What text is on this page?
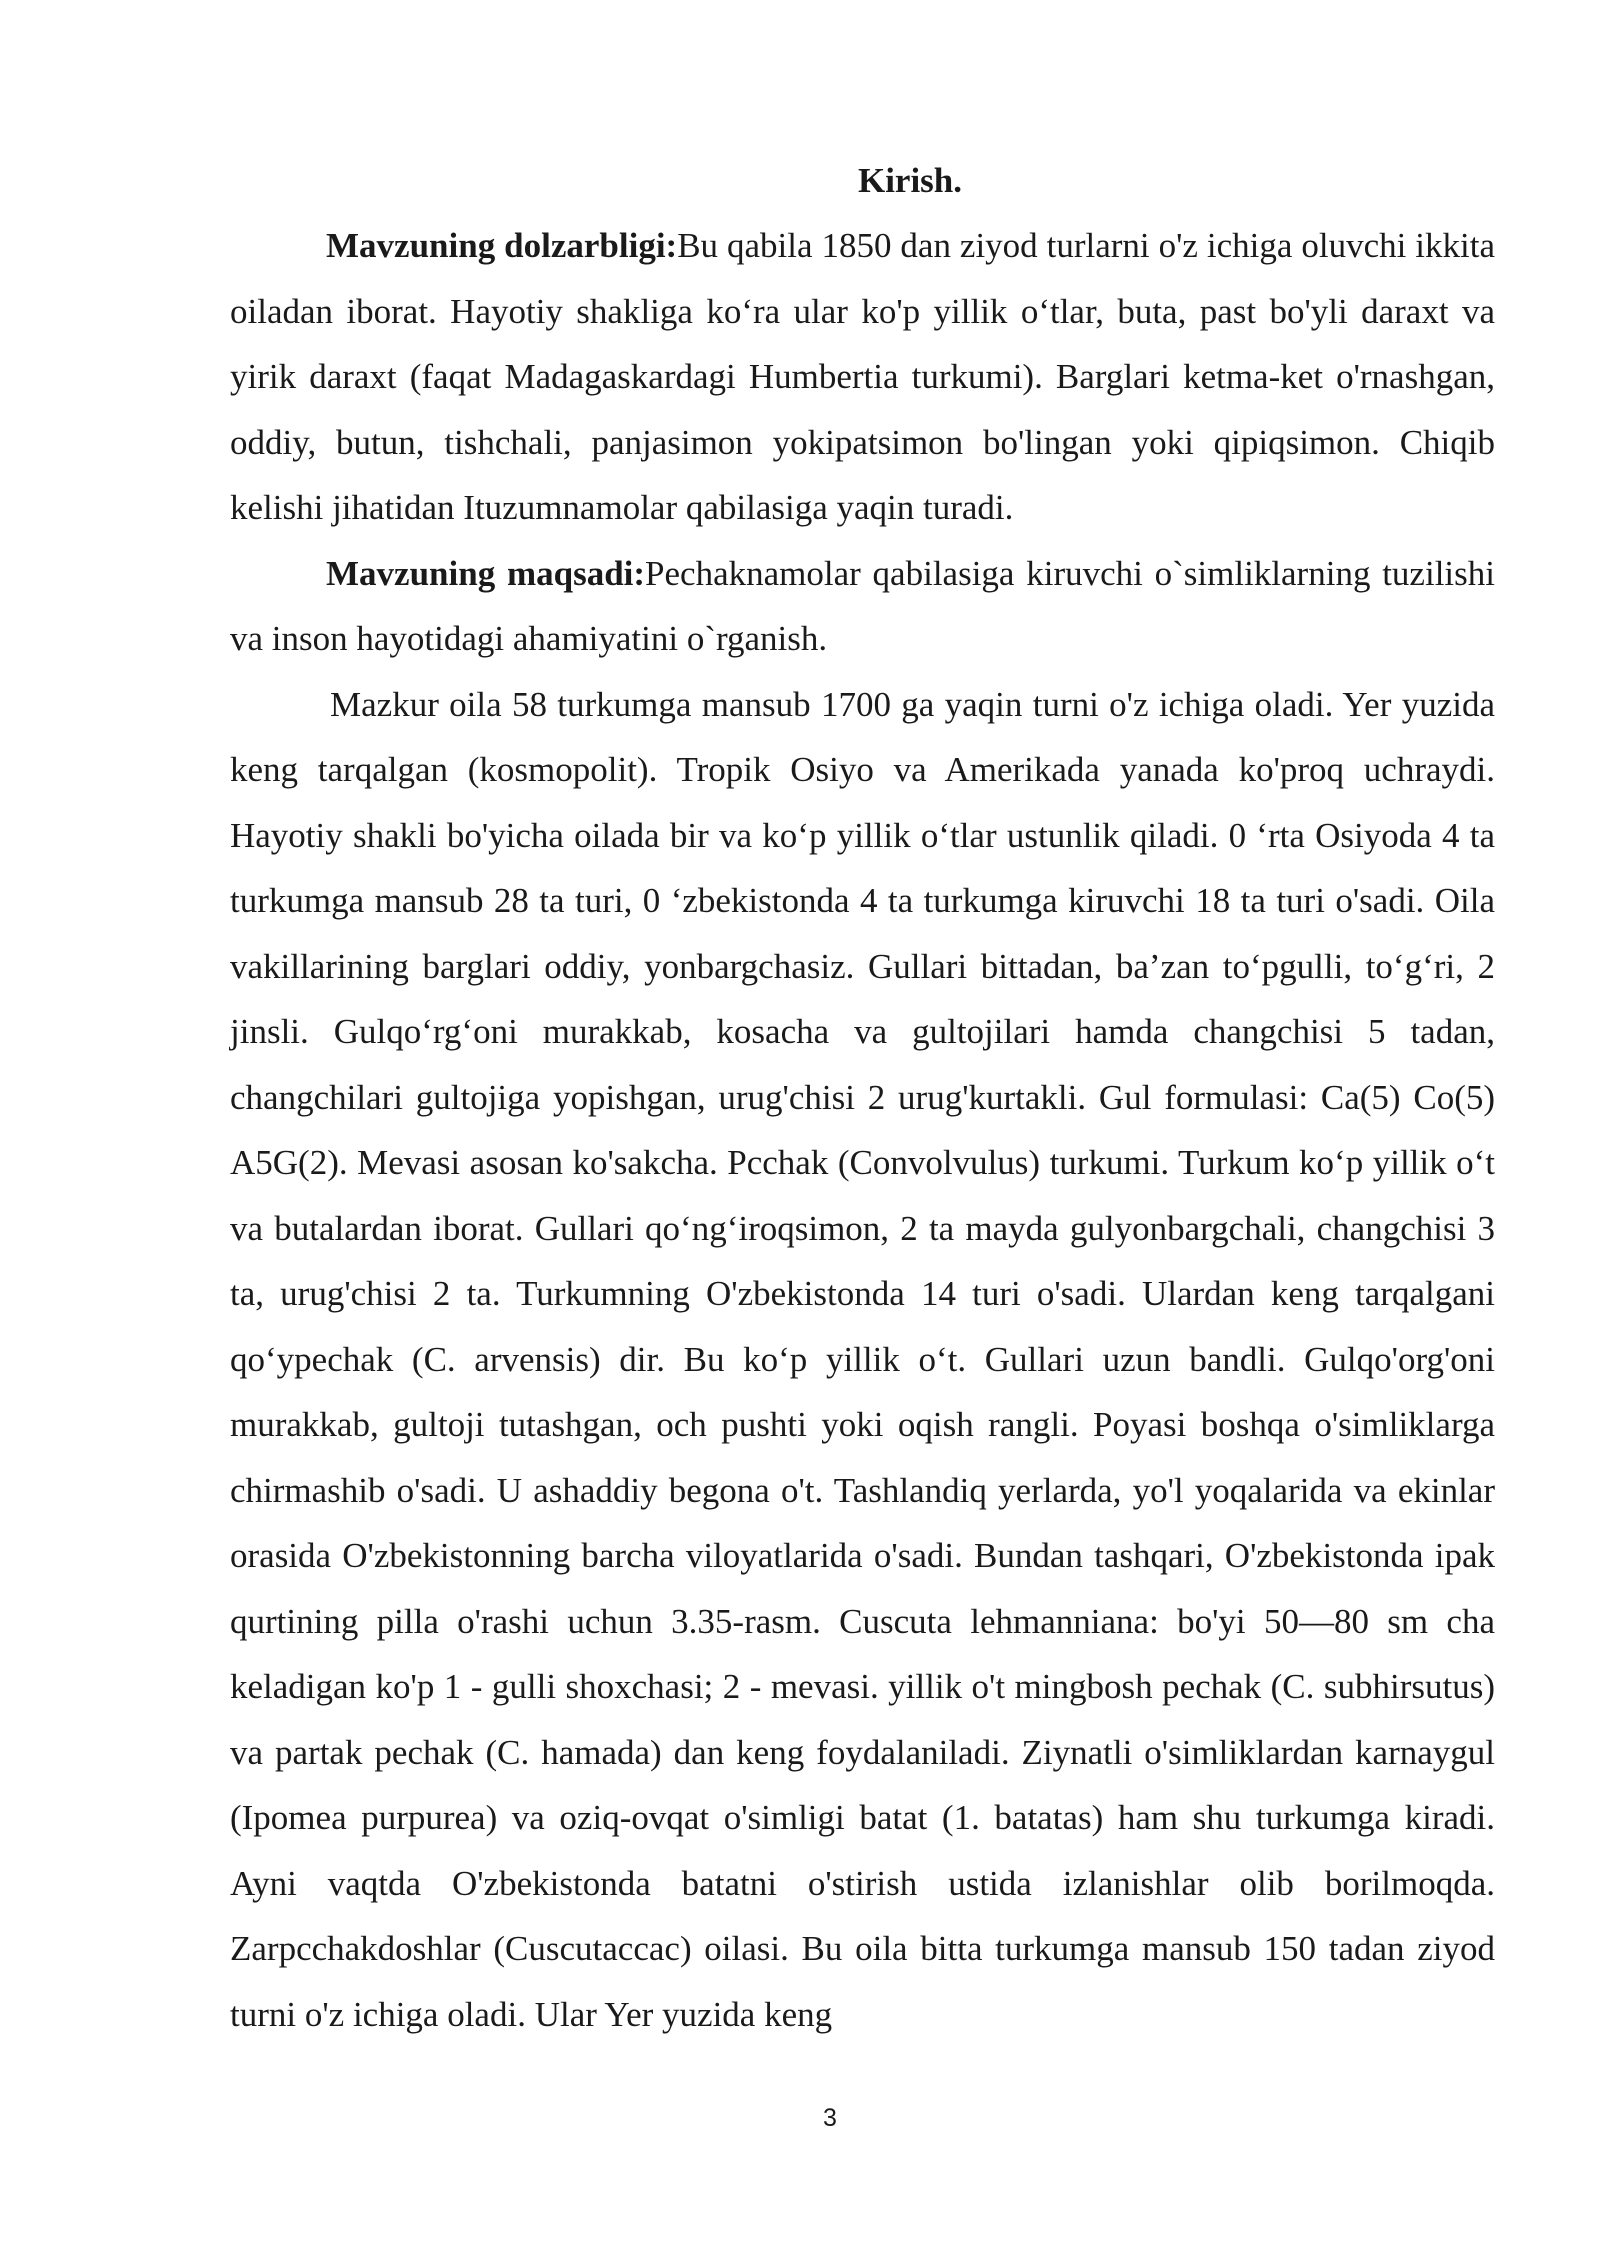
Kirish.

Mavzuning dolzarbligi:Bu qabila 1850 dan ziyod turlarni o'z ichiga oluvchi ikkita oiladan iborat. Hayotiy shakliga ko‘ra ular ko'p yillik o‘tlar, buta, past bo'yli daraxt va yirik daraxt (faqat Madagaskardagi Humbertia turkumi). Barglari ketma-ket o'rnashgan, oddiy, butun, tishchali, panjasimon yokipatsimon bo'lingan yoki qipiqsimon. Chiqib kelishi jihatidan Ituzumnamolar qabilasiga yaqin turadi.

Mavzuning maqsadi:Pechaknamolar qabilasiga kiruvchi o`simliklarning tuzilishi va inson hayotidagi ahamiyatini o`rganish.

Mazkur oila 58 turkumga mansub 1700 ga yaqin turni o'z ichiga oladi. Yer yuzida keng tarqalgan (kosmopolit). Tropik Osiyo va Amerikada yanada ko'proq uchraydi. Hayotiy shakli bo'yicha oilada bir va ko‘p yillik o‘tlar ustunlik qiladi. 0 ‘rta Osiyoda 4 ta turkumga mansub 28 ta turi, 0 ‘zbekistonda 4 ta turkumga kiruvchi 18 ta turi o'sadi. Oila vakillarining barglari oddiy, yonbargchasiz. Gullari bittadan, ba’zan to‘pgulli, to‘g‘ri, 2 jinsli. Gulqo‘rg‘oni murakkab, kosacha va gultojilari hamda changchisi 5 tadan, changchilari gultojiga yopishgan, urug'chisi 2 urug'kurtakli. Gul formulasi: Ca(5) Co(5) A5G(2). Mevasi asosan ko'sakcha. Pcchak (Convolvulus) turkumi. Turkum ko‘p yillik o‘t va butalardan iborat. Gullari qo‘ng‘iroqsimon, 2 ta mayda gulyonbargchali, changchisi 3 ta, urug'chisi 2 ta. Turkumning O'zbekistonda 14 turi o'sadi. Ulardan keng tarqalgani qo‘ypechak (C. arvensis) dir. Bu ko‘p yillik o‘t. Gullari uzun bandli. Gulqo'org'oni murakkab, gultoji tutashgan, och pushti yoki oqish rangli. Poyasi boshqa o'simliklarga chirmashib o'sadi. U ashaddiy begona o't. Tashlandiq yerlarda, yo'l yoqalarida va ekinlar orasida O'zbekistonning barcha viloyatlarida o'sadi. Bundan tashqari, O'zbekistonda ipak qurtining pilla o'rashi uchun 3.35-rasm. Cuscuta lehmanniana: bo'yi 50—80 sm cha keladigan ko'p 1 - gulli shoxchasi; 2 - mevasi. yillik o't mingbosh pechak (C. subhirsutus) va partak pechak (C. hamada) dan keng foydalaniladi. Ziynatli o'simliklardan karnaygul (Ipomea purpurea) va oziq-ovqat o'simligi batat (1. batatas) ham shu turkumga kiradi. Ayni vaqtda O'zbekistonda batatni o'stirish ustida izlanishlar olib borilmoqda. Zarpcchakdoshlar (Cuscutaccac) oilasi. Bu oila bitta turkumga mansub 150 tadan ziyod turni o'z ichiga oladi. Ular Yer yuzida keng

3
